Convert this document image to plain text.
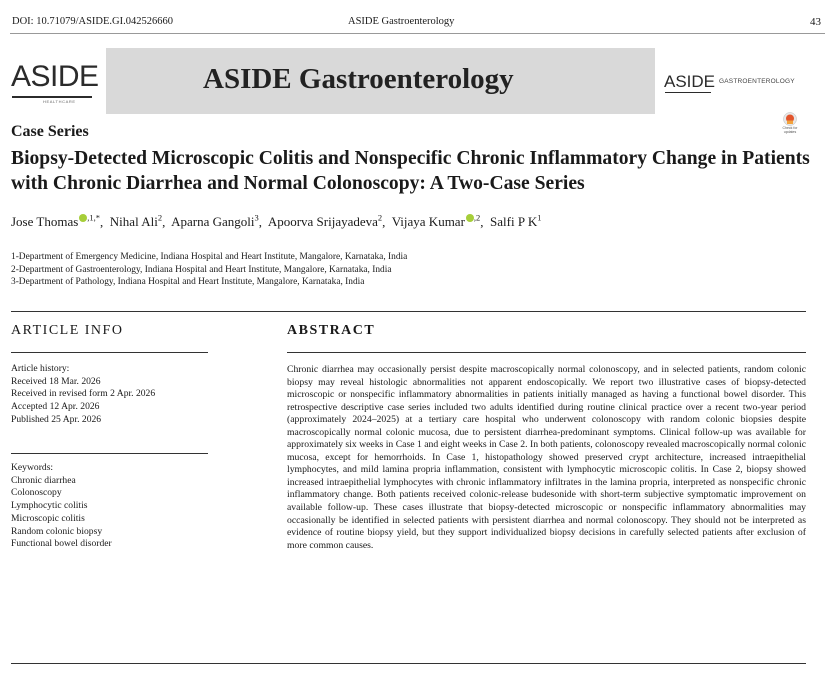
DOI: 10.71079/ASIDE.GI.042526660	ASIDE Gastroenterology	43
ASIDE
HEALTHCARE
ASIDE Gastroenterology	ASIDE GASTROENTEROLOGY
Check for updates
Case Series
Biopsy-Detected Microscopic Colitis and Nonspecific Chronic Inflammatory Change in Patients with Chronic Diarrhea and Normal Colonoscopy: A Two-Case Series
Jose Thomas $^{,1,*}$,  Nihal Ali$^2$,  Aparna Gangoli$^3$,  Apoorva Srijayadeva$^2$,  Vijaya Kumar $^{,2}$,  Salfi P $K^1$
1-Department of Emergency Medicine, Indiana Hospital and Heart Institute, Mangalore, Karnataka, India
2-Department of Gastroenterology, Indiana Hospital and Heart Institute, Mangalore, Karnataka, India
3-Department of Pathology, Indiana Hospital and Heart Institute, Mangalore, Karnataka, India
ARTICLE INFO	ABSTRACT
Article history:
Received 18 Mar. 2026
Received in revised form 2 Apr. 2026
Accepted 12 Apr. 2026
Published 25 Apr. 2026
Keywords:
Chronic diarrhea
Colonoscopy
Lymphocytic colitis
Microscopic colitis
Random colonic biopsy
Functional bowel disorder
Chronic diarrhea may occasionally persist despite macroscopically normal colonoscopy, and in selected patients, random colonic biopsy may reveal histologic abnormalities not apparent endoscopically. We report two illustrative cases of biopsy-detected microscopic or nonspecific inflammatory abnormalities in patients initially managed as having a functional bowel disorder. This retrospective descriptive case series included two adults identified during routine clinical practice over a recent two-year period (approximately 2024–2025) at a tertiary care hospital who underwent colonoscopy with random colonic biopsies despite macroscopically normal colonic mucosa, due to persistent diarrhea-predominant symptoms. Clinical follow-up was available for approximately six weeks in Case 1 and eight weeks in Case 2. In both patients, colonoscopy revealed macroscopically normal colonic mucosa, except for hemorrhoids. In Case 1, histopathology showed preserved crypt architecture, increased intraepithelial lymphocytes, and mild lamina propria inflammation, consistent with lymphocytic microscopic colitis. In Case 2, biopsy showed increased intraepithelial lymphocytes with chronic inflammatory infiltrates in the lamina propria, interpreted as nonspecific chronic inflammatory change. Both patients received colonic-release budesonide with short-term subjective symptomatic improvement on available follow-up. These cases illustrate that biopsy-detected microscopic or nonspecific inflammatory abnormalities may occasionally be identified in selected patients with persistent diarrhea and normal colonoscopy. They should not be interpreted as evidence of routine biopsy yield, but they support individualized biopsy decisions in carefully selected patients after exclusion of more common causes.
